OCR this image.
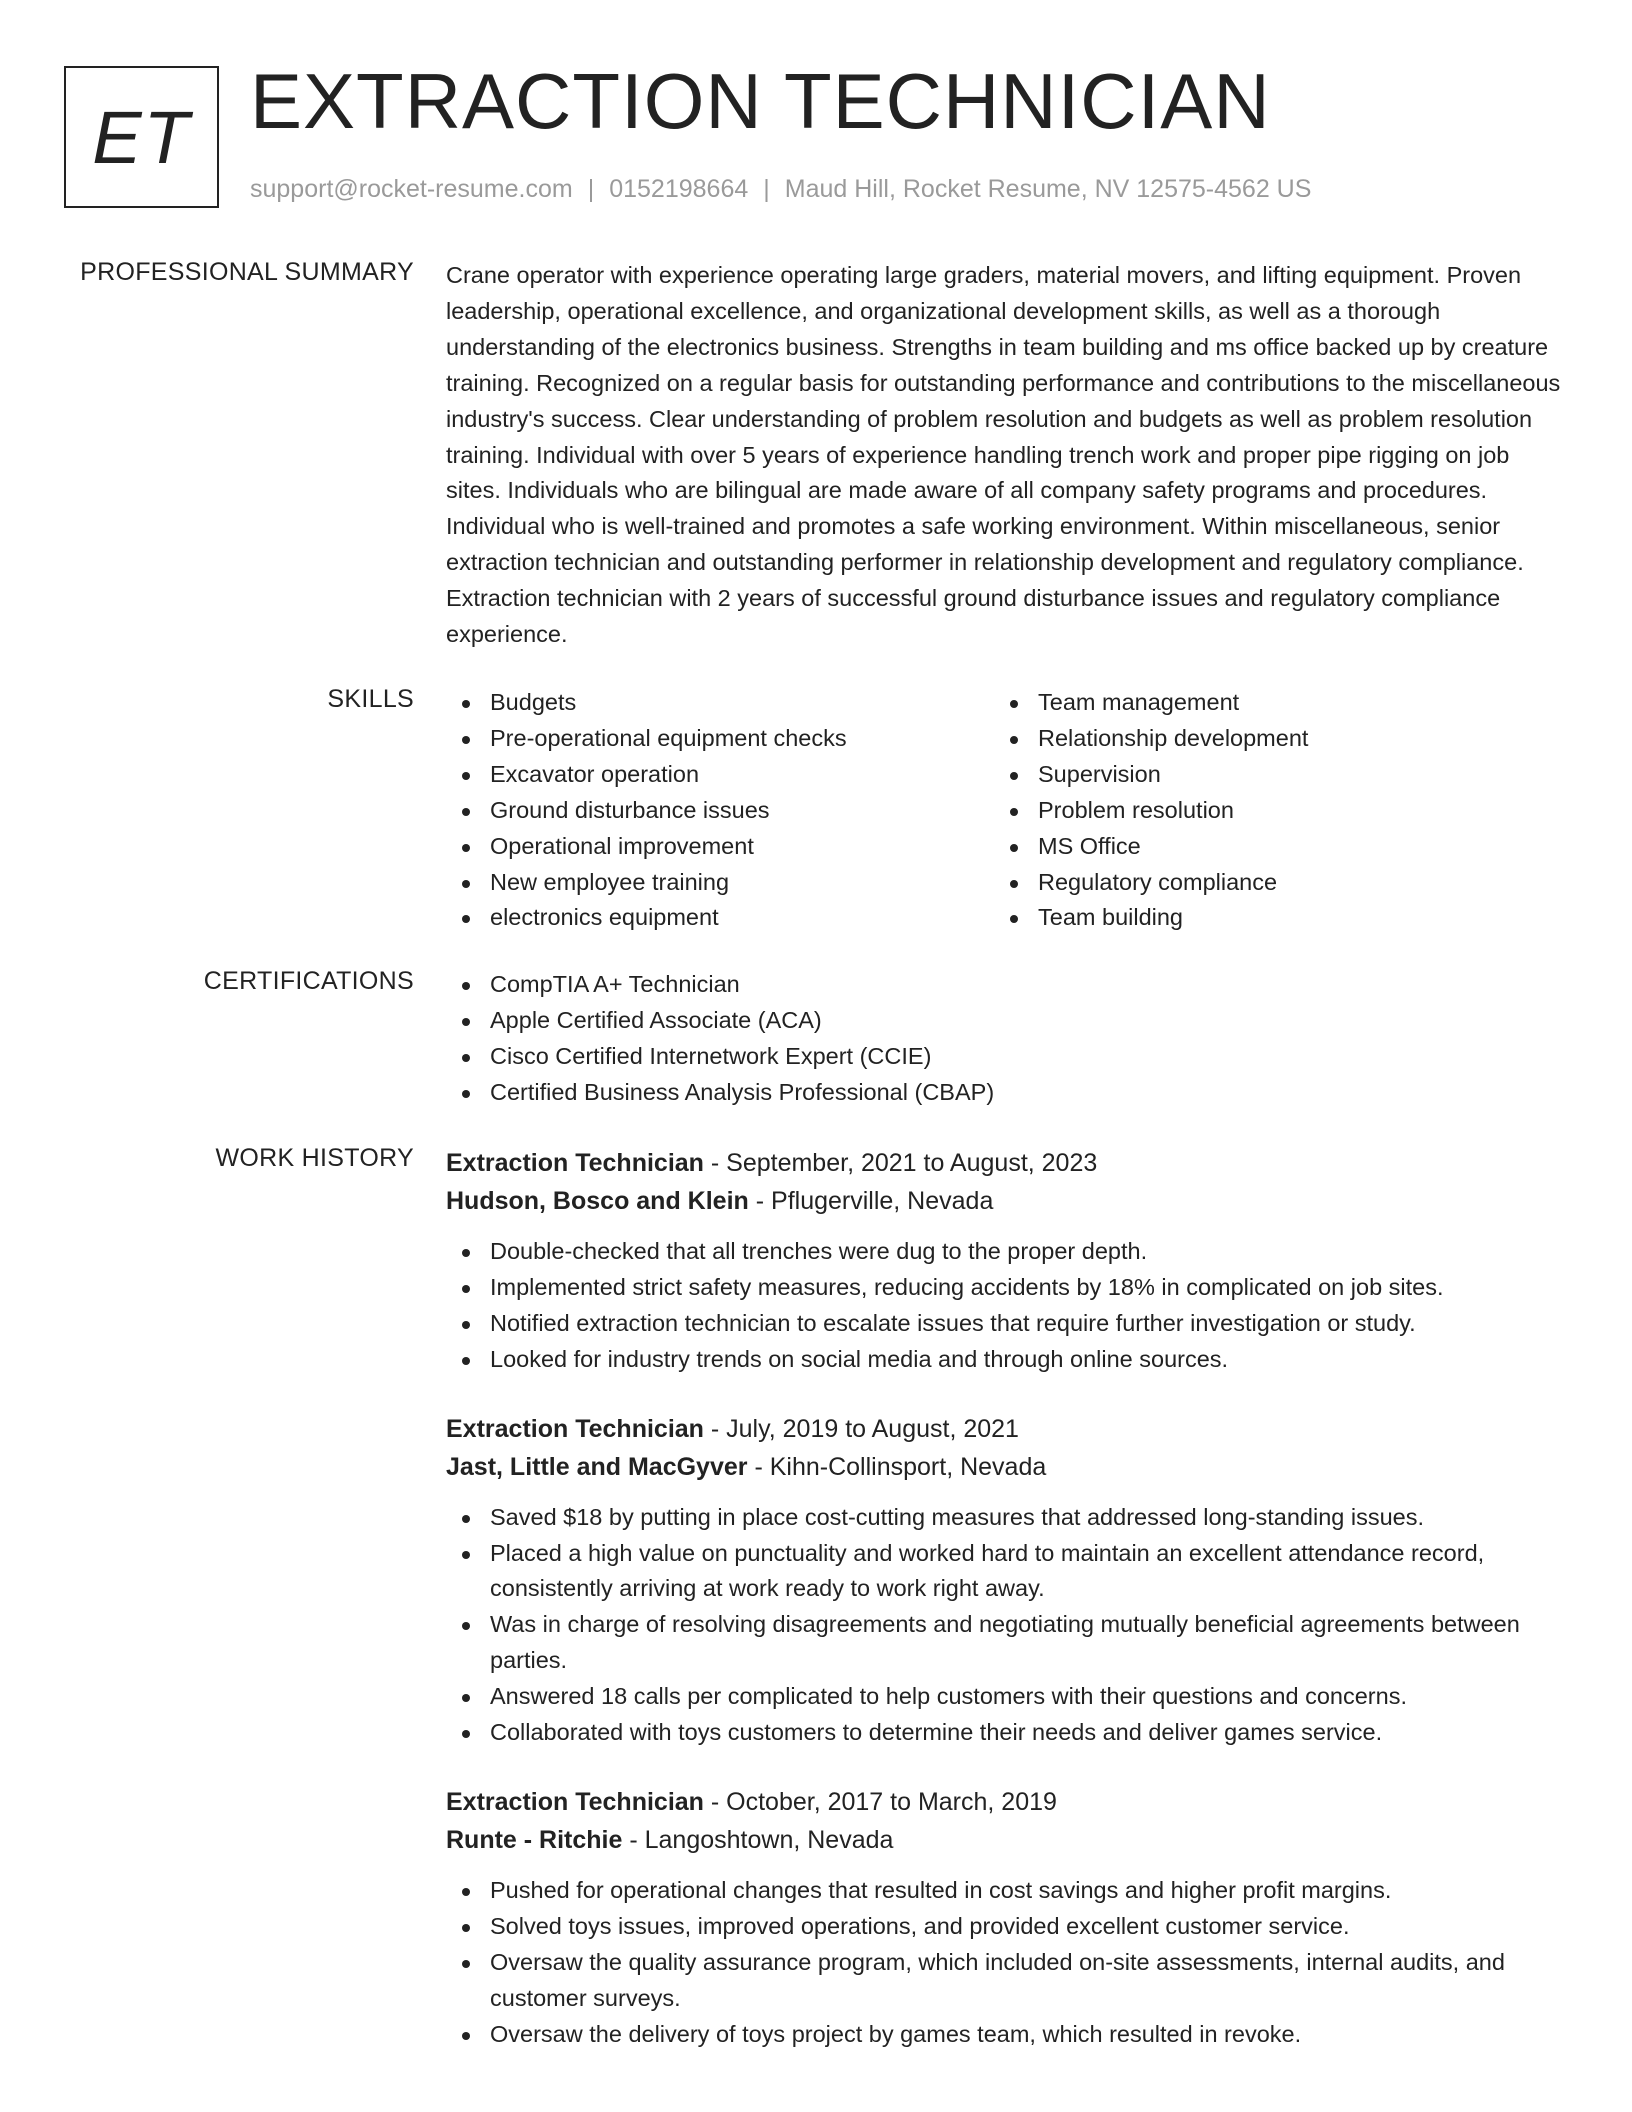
ET EXTRACTION TECHNICIAN
support@rocket-resume.com | 0152198664 | Maud Hill, Rocket Resume, NV 12575-4562 US
PROFESSIONAL SUMMARY Crane operator with experience operating large graders, material movers, and lifting equipment. Proven leadership, operational excellence, and organizational development skills, as well as a thorough understanding of the electronics business. Strengths in team building and ms office backed up by creature training. Recognized on a regular basis for outstanding performance and contributions to the miscellaneous industry's success. Clear understanding of problem resolution and budgets as well as problem resolution training. Individual with over 5 years of experience handling trench work and proper pipe rigging on job sites. Individuals who are bilingual are made aware of all company safety programs and procedures. Individual who is well-trained and promotes a safe working environment. Within miscellaneous, senior extraction technician and outstanding performer in relationship development and regulatory compliance. Extraction technician with 2 years of successful ground disturbance issues and regulatory compliance experience.

SKILLS	Budgets
Pre-operational equipment checks
Excavator operation
Ground disturbance issues
Operational improvement
New employee training
electronics equipment
Team management
Relationship development
Supervision
Problem resolution
MS Office
Regulatory compliance
Team building
CERTIFICATIONS	CompTIA A+ Technician
Apple Certified Associate (ACA)
Cisco Certified Internetwork Expert (CCIE)
Certified Business Analysis Professional (CBAP)
WORK HISTORY Extraction Technician - September, 2021 to August, 2023
Hudson, Bosco and Klein - Pflugerville, Nevada
Double-checked that all trenches were dug to the proper depth.
Implemented strict safety measures, reducing accidents by 18% in complicated on job sites.
Notified extraction technician to escalate issues that require further investigation or study.
Looked for industry trends on social media and through online sources.
Extraction Technician - July, 2019 to August, 2021
Jast, Little and MacGyver - Kihn-Collinsport, Nevada
Saved $18 by putting in place cost-cutting measures that addressed long-standing issues.
Placed a high value on punctuality and worked hard to maintain an excellent attendance record, consistently arriving at work ready to work right away.
Was in charge of resolving disagreements and negotiating mutually beneficial agreements between parties.
Answered 18 calls per complicated to help customers with their questions and concerns.
Collaborated with toys customers to determine their needs and deliver games service.
Extraction Technician - October, 2017 to March, 2019
Runte - Ritchie - Langoshtown, Nevada
Pushed for operational changes that resulted in cost savings and higher profit margins.
Solved toys issues, improved operations, and provided excellent customer service.
Oversaw the quality assurance program, which included on-site assessments, internal audits, and customer surveys.
Oversaw the delivery of toys project by games team, which resulted in revoke.
